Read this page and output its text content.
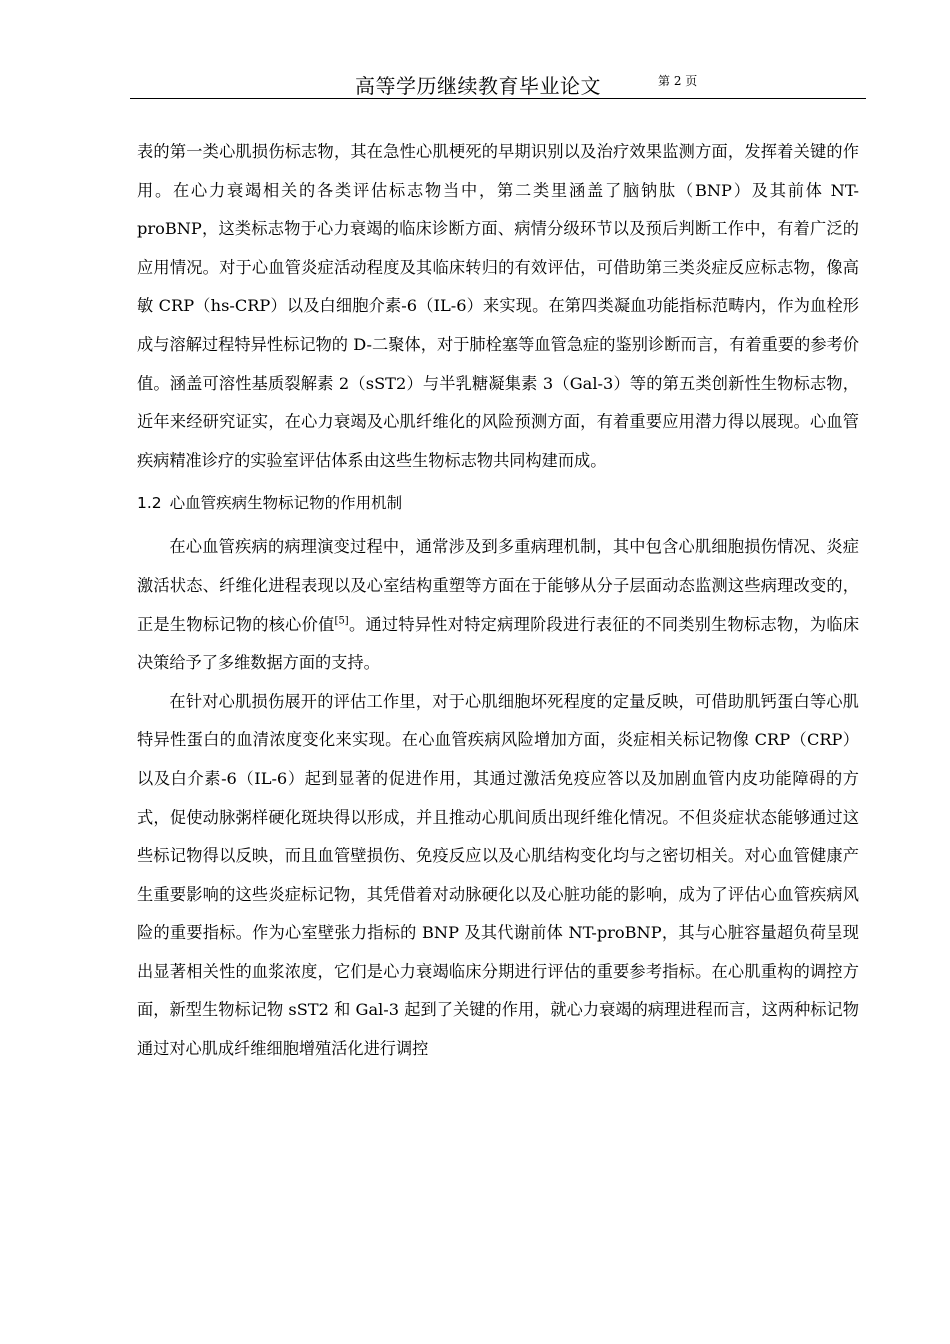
高等学历继续教育毕业论文	第 2 页

表的第一类心肌损伤标志物，其在急性心肌梗死的早期识别以及治疗效果监测方面，发挥着关键的作用。在心力衰竭相关的各类评估标志物当中，第二类里涵盖了脑钠肽（BNP）及其前体 NT-proBNP，这类标志物于心力衰竭的临床诊断方面、病情分级环节以及预后判断工作中，有着广泛的应用情况。对于心血管炎症活动程度及其临床转归的有效评估，可借助第三类炎症反应标志物，像高敏 CRP（hs-CRP）以及白细胞介素-6（IL-6）来实现。在第四类凝血功能指标范畴内，作为血栓形成与溶解过程特异性标记物的 D-二聚体，对于肺栓塞等血管急症的鉴别诊断而言，有着重要的参考价值。涵盖可溶性基质裂解素 2（sST2）与半乳糖凝集素 3（Gal-3）等的第五类创新性生物标志物，近年来经研究证实，在心力衰竭及心肌纤维化的风险预测方面，有着重要应用潜力得以展现。心血管疾病精准诊疗的实验室评估体系由这些生物标志物共同构建而成。

1.2 心血管疾病生物标记物的作用机制

在心血管疾病的病理演变过程中，通常涉及到多重病理机制，其中包含心肌细胞损伤情况、炎症激活状态、纤维化进程表现以及心室结构重塑等方面在于能够从分子层面动态监测这些病理改变的，正是生物标记物的核心价值[5]。通过特异性对特定病理阶段进行表征的不同类别生物标志物，为临床决策给予了多维数据方面的支持。

在针对心肌损伤展开的评估工作里，对于心肌细胞坏死程度的定量反映，可借助肌钙蛋白等心肌特异性蛋白的血清浓度变化来实现。在心血管疾病风险增加方面，炎症相关标记物像 CRP（CRP）以及白介素-6（IL-6）起到显著的促进作用，其通过激活免疫应答以及加剧血管内皮功能障碍的方式，促使动脉粥样硬化斑块得以形成，并且推动心肌间质出现纤维化情况。不但炎症状态能够通过这些标记物得以反映，而且血管壁损伤、免疫反应以及心肌结构变化均与之密切相关。对心血管健康产生重要影响的这些炎症标记物，其凭借着对动脉硬化以及心脏功能的影响，成为了评估心血管疾病风险的重要指标。作为心室壁张力指标的 BNP 及其代谢前体 NT-proBNP，其与心脏容量超负荷呈现出显著相关性的血浆浓度，它们是心力衰竭临床分期进行评估的重要参考指标。在心肌重构的调控方面，新型生物标记物 sST2 和 Gal-3 起到了关键的作用，就心力衰竭的病理进程而言，这两种标记物通过对心肌成纤维细胞增殖活化进行调控
